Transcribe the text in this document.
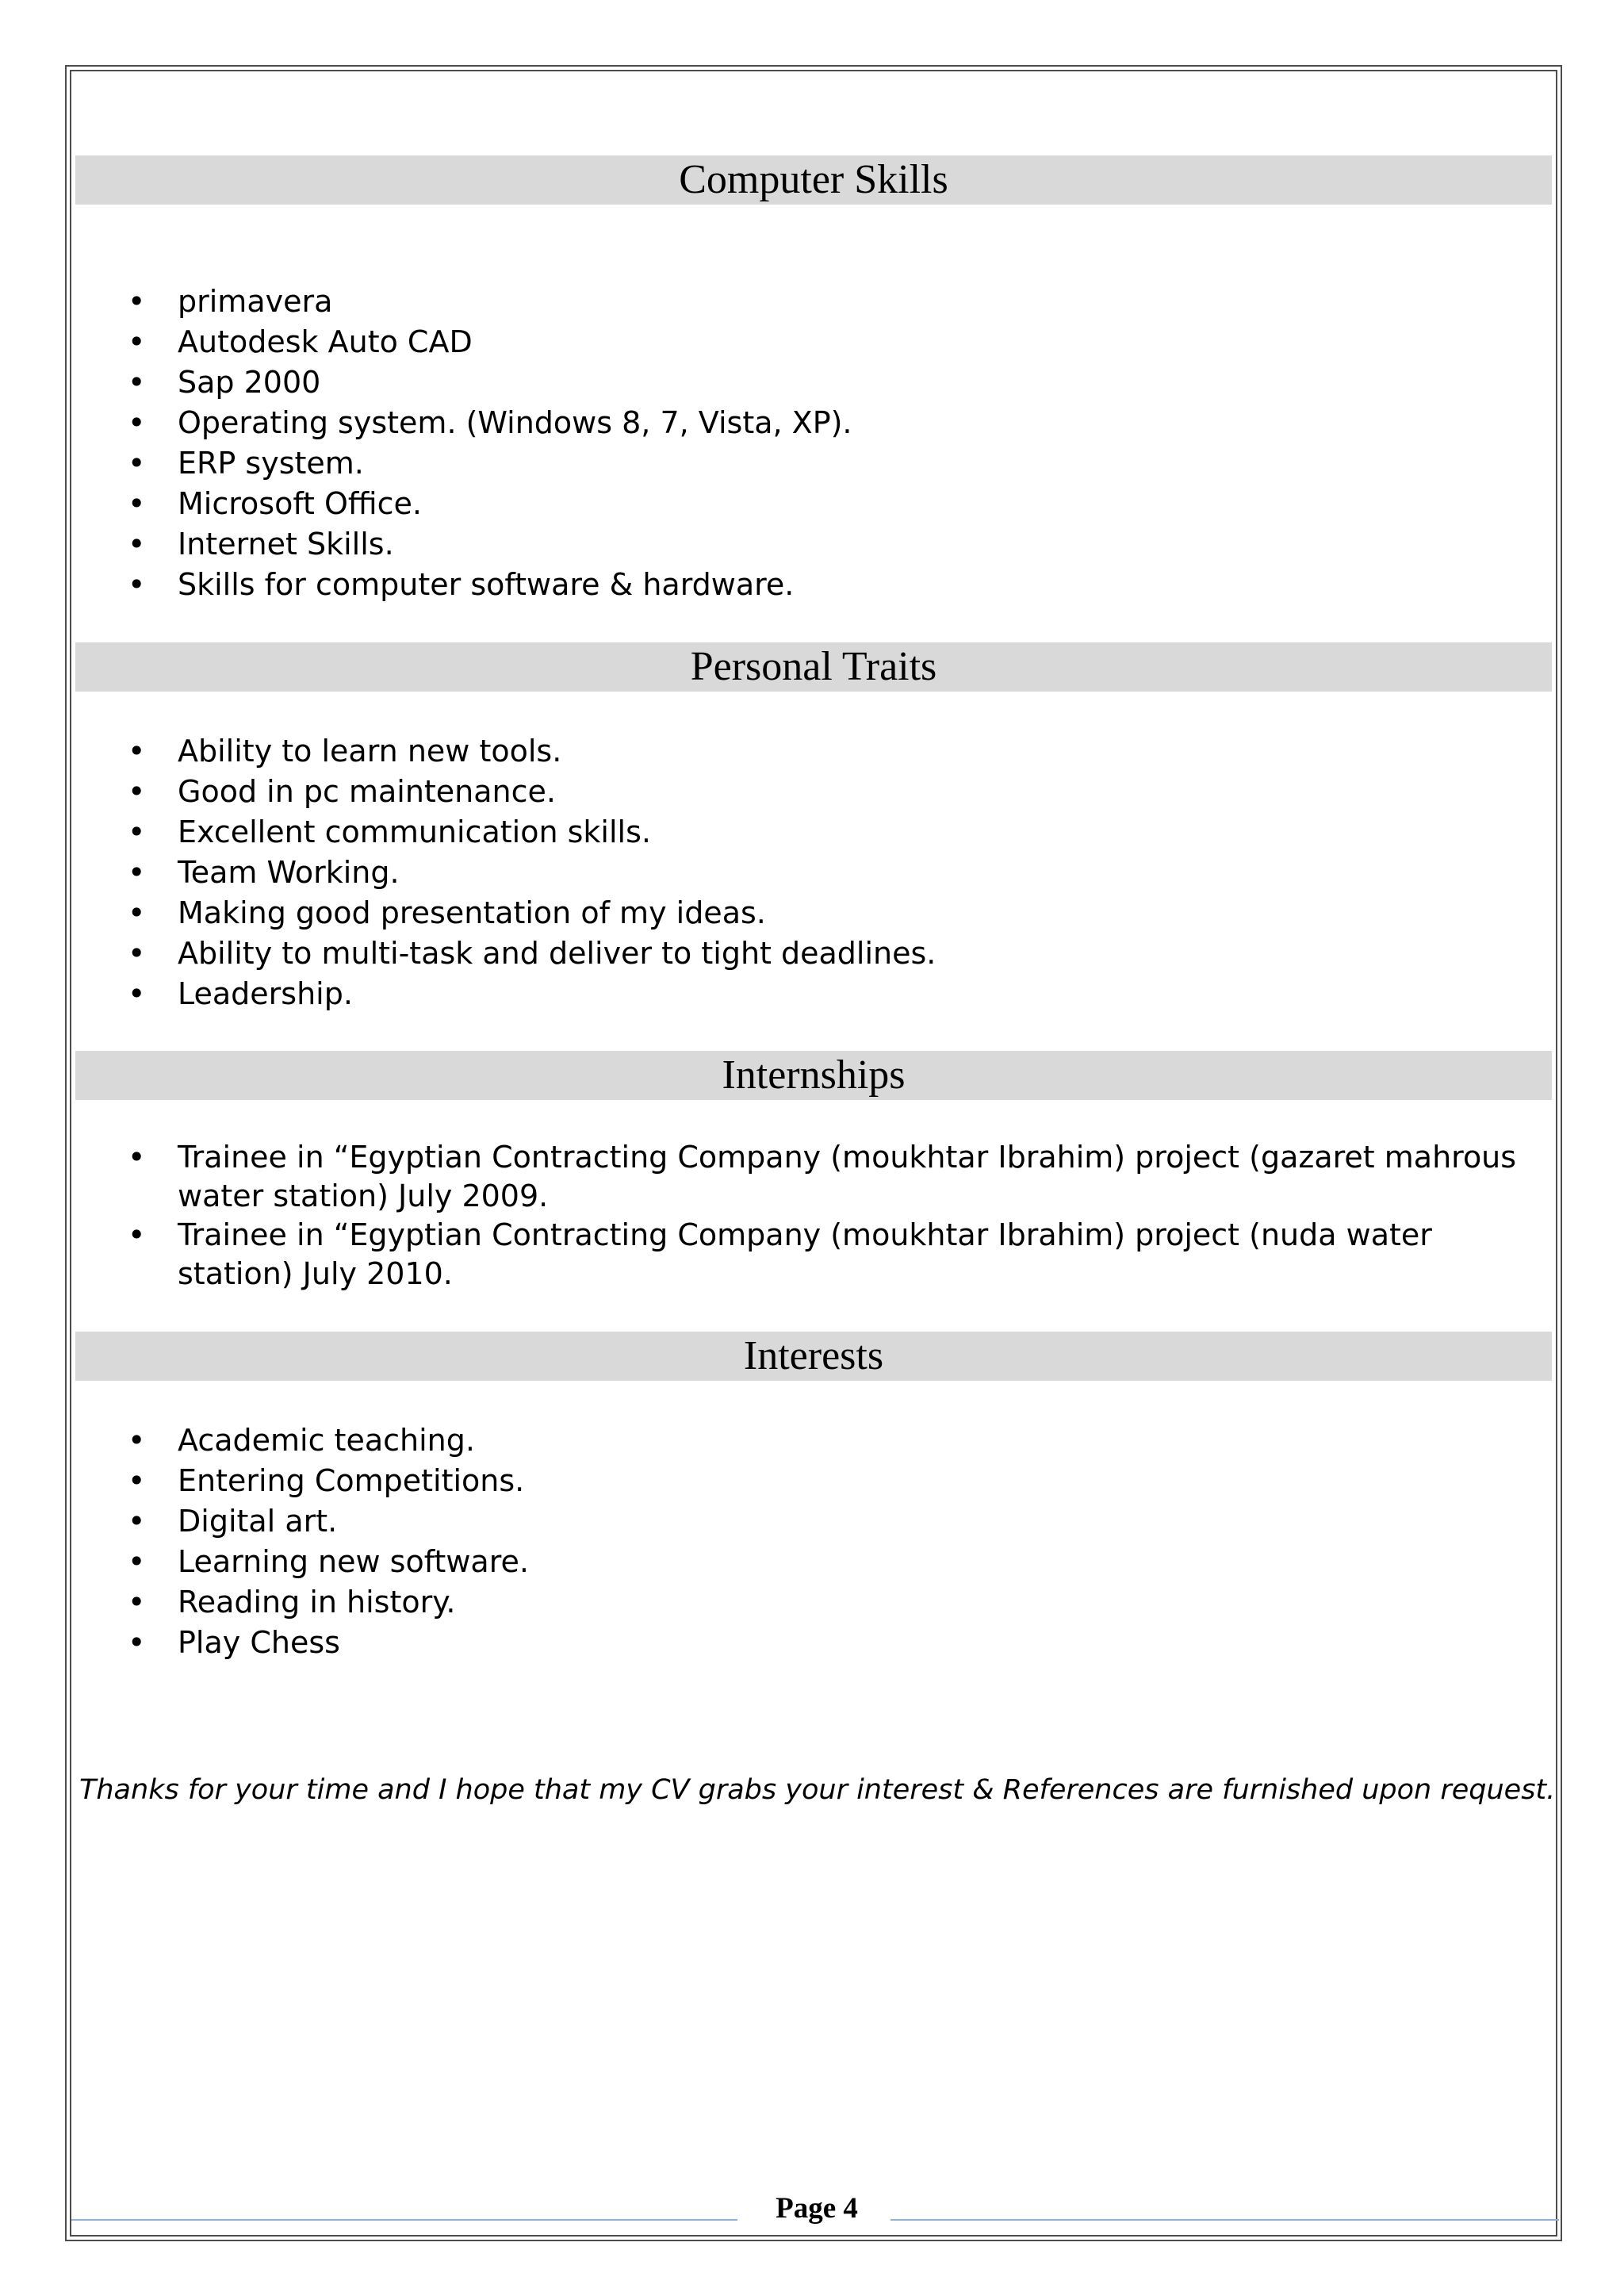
Computer Skills
• primavera
• Autodesk Auto CAD
• Sap 2000
• Operating system. (Windows 8, 7, Vista, XP).
• ERP system.
• Microsoft Office.
• Internet Skills.
• Skills for computer software & hardware.
Personal Traits
• Ability to learn new tools.
• Good in pc maintenance.
• Excellent communication skills.
• Team Working.
• Making good presentation of my ideas.
• Ability to multi-task and deliver to tight deadlines.
• Leadership.
Internships
• Trainee in “Egyptian Contracting Company (moukhtar Ibrahim) project (gazaret mahrous water station) July 2009.
• Trainee in “Egyptian Contracting Company (moukhtar Ibrahim) project (nuda water station) July 2010.
Interests
• Academic teaching.
• Entering Competitions.
• Digital art.
• Learning new software.
• Reading in history.
• Play Chess
Thanks for your time and I hope that my CV grabs your interest & References are furnished upon request.
Page 4
